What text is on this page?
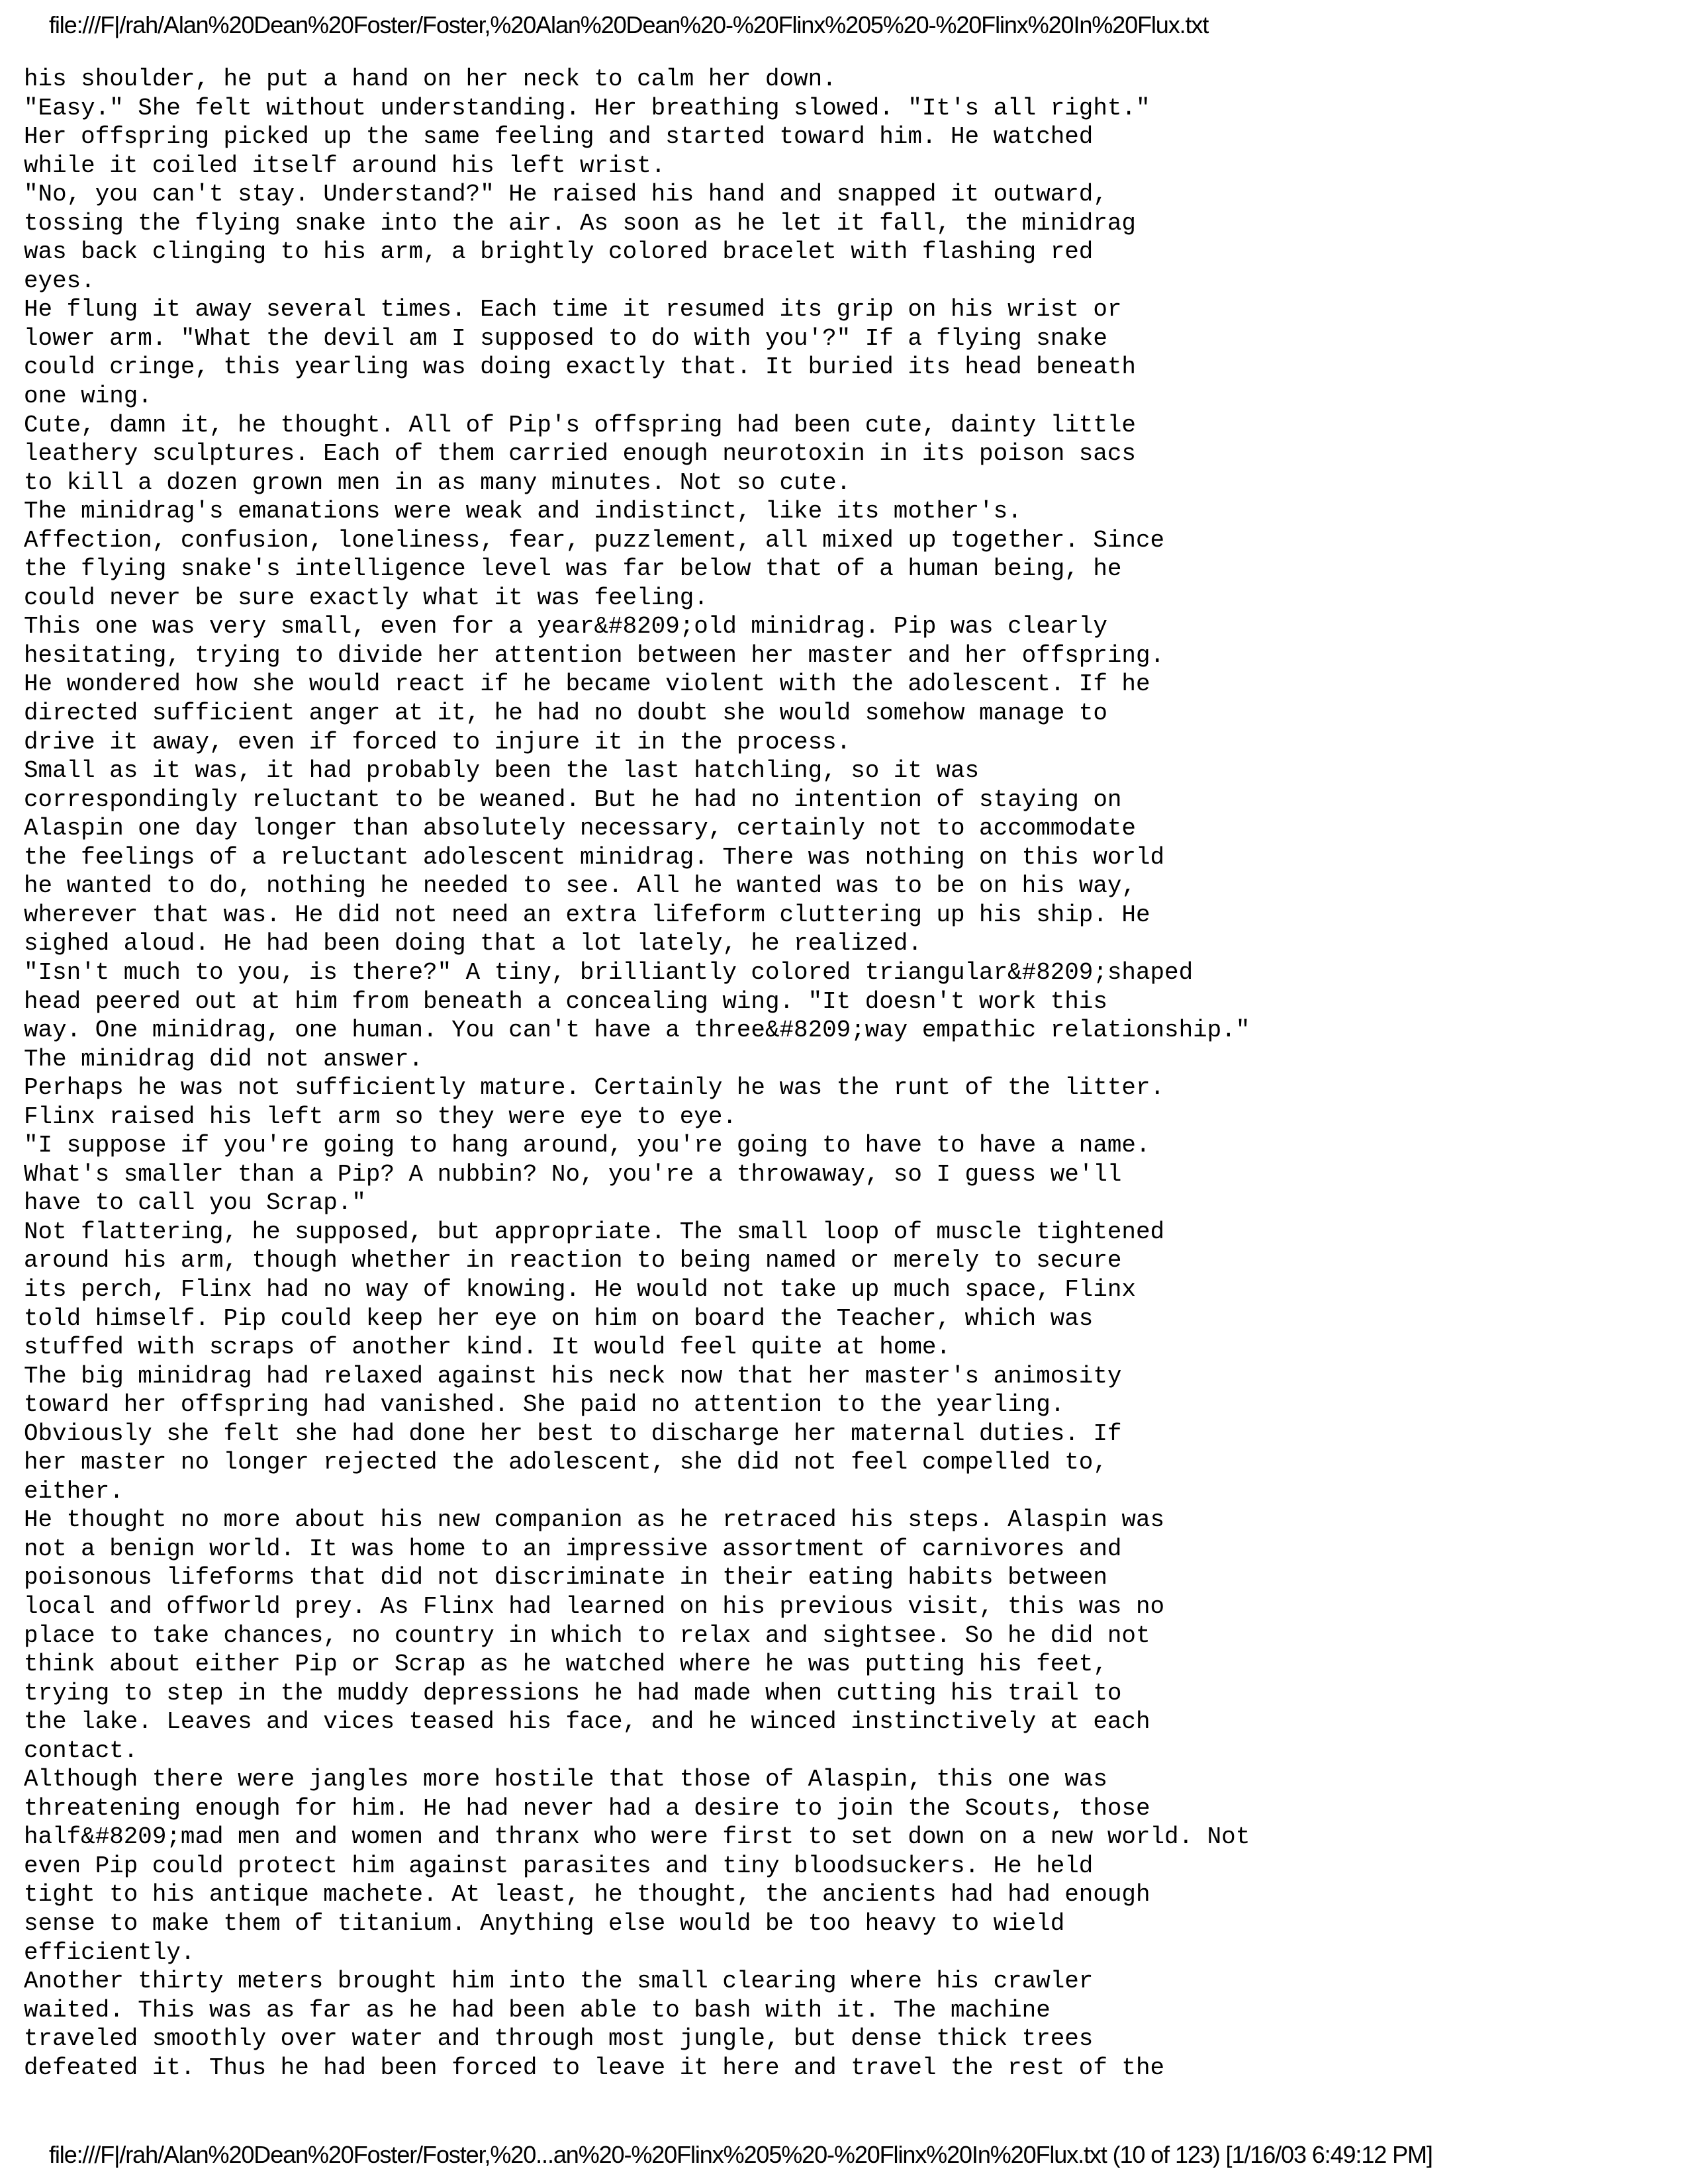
file:///F|/rah/Alan%20Dean%20Foster/Foster,%20Alan%20Dean%20-%20Flinx%205%20-%20Flinx%20In%20Flux.txt
his shoulder, he put a hand on her neck to calm her down.
"Easy." She felt without understanding. Her breathing slowed. "It's all right."
Her offspring picked up the same feeling and started toward him. He watched
while it coiled itself around his left wrist.
"No, you can't stay. Understand?" He raised his hand and snapped it outward,
tossing the flying snake into the air. As soon as he let it fall, the minidrag
was back clinging to his arm, a brightly colored bracelet with flashing red
eyes.
He flung it away several times. Each time it resumed its grip on his wrist or
lower arm. "What the devil am I supposed to do with you'?" If a flying snake
could cringe, this yearling was doing exactly that. It buried its head beneath
one wing.
Cute, damn it, he thought. All of Pip's offspring had been cute, dainty little
leathery sculptures. Each of them carried enough neurotoxin in its poison sacs
to kill a dozen grown men in as many minutes. Not so cute.
The minidrag's emanations were weak and indistinct, like its mother's.
Affection, confusion, loneliness, fear, puzzlement, all mixed up together. Since
the flying snake's intelligence level was far below that of a human being, he
could never be sure exactly what it was feeling.
This one was very small, even for a year&#8209;old minidrag. Pip was clearly
hesitating, trying to divide her attention between her master and her offspring.
He wondered how she would react if he became violent with the adolescent. If he
directed sufficient anger at it, he had no doubt she would somehow manage to
drive it away, even if forced to injure it in the process.
Small as it was, it had probably been the last hatchling, so it was
correspondingly reluctant to be weaned. But he had no intention of staying on
Alaspin one day longer than absolutely necessary, certainly not to accommodate
the feelings of a reluctant adolescent minidrag. There was nothing on this world
he wanted to do, nothing he needed to see. All he wanted was to be on his way,
wherever that was. He did not need an extra lifeform cluttering up his ship. He
sighed aloud. He had been doing that a lot lately, he realized.
"Isn't much to you, is there?" A tiny, brilliantly colored triangular&#8209;shaped
head peered out at him from beneath a concealing wing. "It doesn't work this
way. One minidrag, one human. You can't have a three&#8209;way empathic relationship."
The minidrag did not answer.
Perhaps he was not sufficiently mature. Certainly he was the runt of the litter.
Flinx raised his left arm so they were eye to eye.
"I suppose if you're going to hang around, you're going to have to have a name.
What's smaller than a Pip? A nubbin? No, you're a throwaway, so I guess we'll
have to call you Scrap."
Not flattering, he supposed, but appropriate. The small loop of muscle tightened
around his arm, though whether in reaction to being named or merely to secure
its perch, Flinx had no way of knowing. He would not take up much space, Flinx
told himself. Pip could keep her eye on him on board the Teacher, which was
stuffed with scraps of another kind. It would feel quite at home.
The big minidrag had relaxed against his neck now that her master's animosity
toward her offspring had vanished. She paid no attention to the yearling.
Obviously she felt she had done her best to discharge her maternal duties. If
her master no longer rejected the adolescent, she did not feel compelled to,
either.
He thought no more about his new companion as he retraced his steps. Alaspin was
not a benign world. It was home to an impressive assortment of carnivores and
poisonous lifeforms that did not discriminate in their eating habits between
local and offworld prey. As Flinx had learned on his previous visit, this was no
place to take chances, no country in which to relax and sightsee. So he did not
think about either Pip or Scrap as he watched where he was putting his feet,
trying to step in the muddy depressions he had made when cutting his trail to
the lake. Leaves and vices teased his face, and he winced instinctively at each
contact.
Although there were jangles more hostile that those of Alaspin, this one was
threatening enough for him. He had never had a desire to join the Scouts, those
half&#8209;mad men and women and thranx who were first to set down on a new world. Not
even Pip could protect him against parasites and tiny bloodsuckers. He held
tight to his antique machete. At least, he thought, the ancients had had enough
sense to make them of titanium. Anything else would be too heavy to wield
efficiently.
Another thirty meters brought him into the small clearing where his crawler
waited. This was as far as he had been able to bash with it. The machine
traveled smoothly over water and through most jungle, but dense thick trees
defeated it. Thus he had been forced to leave it here and travel the rest of the
file:///F|/rah/Alan%20Dean%20Foster/Foster,%20...an%20-%20Flinx%205%20-%20Flinx%20In%20Flux.txt (10 of 123) [1/16/03 6:49:12 PM]
